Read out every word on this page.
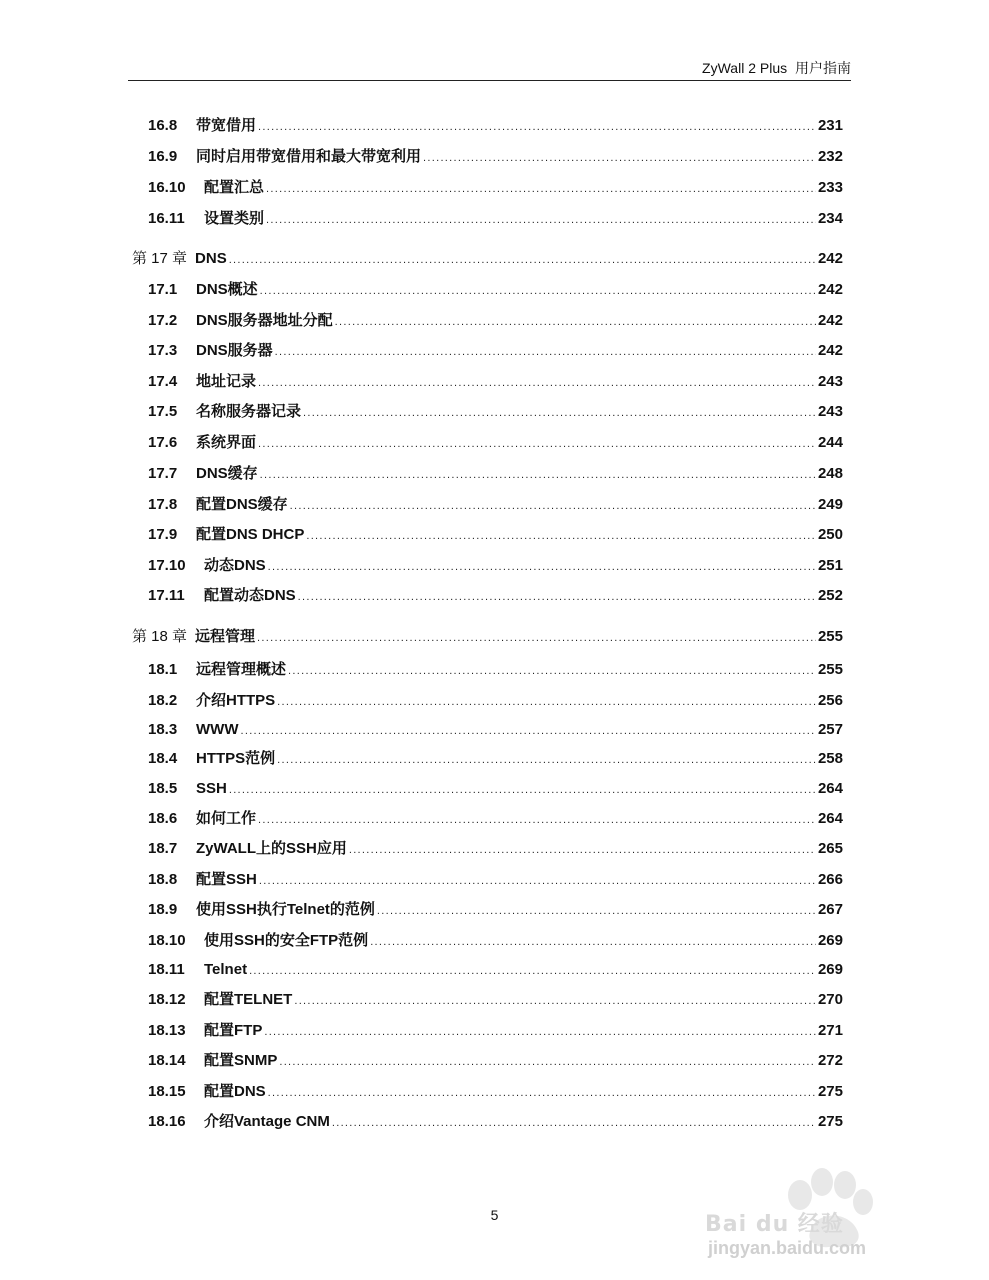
ZyWall 2 Plus 用户指南
16.8	带宽借用 .....	231
16.9	同时启用带宽借用和最大带宽利用 .....	232
16.10	配置汇总 .....	233
16.11	设置类别 .....	234
第 17 章 DNS .....	242
17.1	DNS概述 .....	242
17.2	DNS服务器地址分配 .....	242
17.3	DNS服务器 .....	242
17.4	地址记录 .....	243
17.5	名称服务器记录 .....	243
17.6	系统界面 .....	244
17.7	DNS缓存 .....	248
17.8	配置DNS缓存 .....	249
17.9	配置DNS DHCP .....	250
17.10	动态DNS .....	251
17.11	配置动态DNS .....	252
第 18 章 远程管理 .....	255
18.1	远程管理概述 .....	255
18.2	介绍HTTPS .....	256
18.3	WWW .....	257
18.4	HTTPS范例 .....	258
18.5	SSH .....	264
18.6	如何工作 .....	264
18.7	ZyWALL上的SSH应用 .....	265
18.8	配置SSH .....	266
18.9	使用SSH执行Telnet的范例 .....	267
18.10	使用SSH的安全FTP范例 .....	269
18.11	Telnet .....	269
18.12	配置TELNET .....	270
18.13	配置FTP .....	271
18.14	配置SNMP .....	272
18.15	配置DNS .....	275
18.16	介绍Vantage CNM .....	275
5	Bai du 经验
jingyan.baidu.com
